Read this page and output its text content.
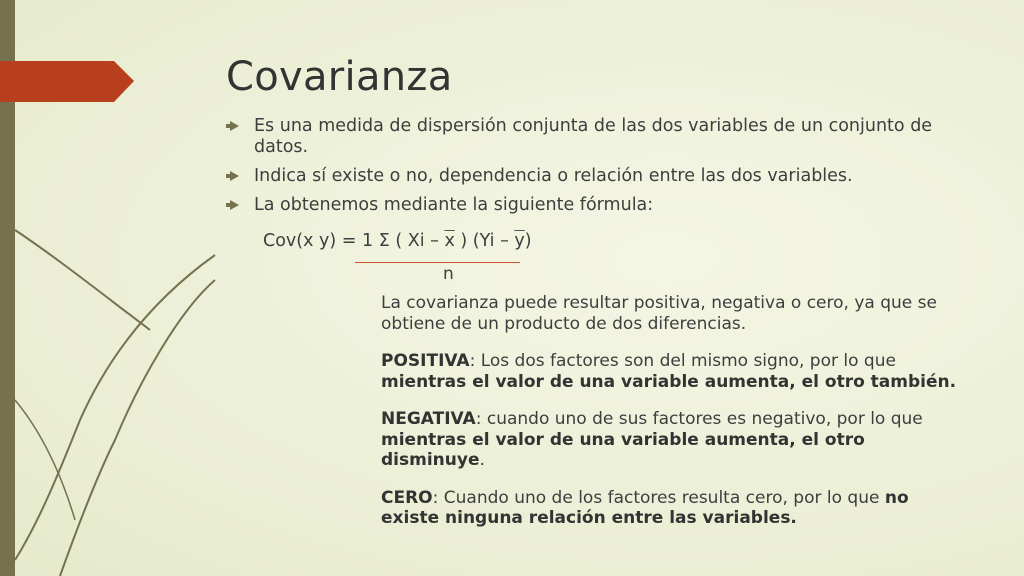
Covarianza
Es una medida de dispersión conjunta de las dos variables de un conjunto de datos.
Indica sí existe o no, dependencia o relación entre las dos variables.
La obtenemos mediante la siguiente fórmula:
Cov(x y) = 1 Σ ( Xi – $\overline{x}$ ) $(Yi - \overline{y})$
n

La covarianza puede resultar positiva, negativa o cero, ya que se obtiene de un producto de dos diferencias.

POSITIVA: Los dos factores son del mismo signo, por lo que mientras el valor de una variable aumenta, el otro también.

NEGATIVA: cuando uno de sus factores es negativo, por lo que mientras el valor de una variable aumenta, el otro disminuye.

CERO: Cuando uno de los factores resulta cero, por lo que no existe ninguna relación entre las variables.
